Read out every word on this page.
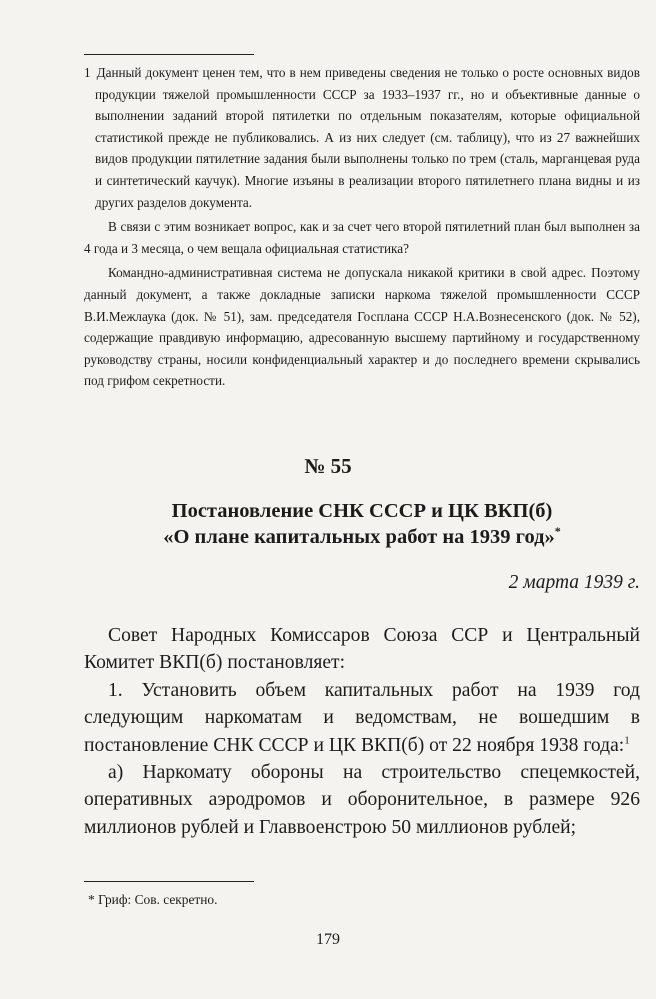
1 Данный документ ценен тем, что в нем приведены сведения не только о росте основных видов продукции тяжелой промышленности СССР за 1933–1937 гг., но и объективные данные о выполнении заданий второй пятилетки по отдельным показателям, которые официальной статистикой прежде не публиковались. А из них следует (см. таблицу), что из 27 важнейших видов продукции пятилетние задания были выполнены только по трем (сталь, марганцевая руда и синтетический каучук). Многие изъяны в реализации второго пятилетнего плана видны и из других разделов документа.

В связи с этим возникает вопрос, как и за счет чего второй пятилетний план был выполнен за 4 года и 3 месяца, о чем вещала официальная статистика?

Командно-административная система не допускала никакой критики в свой адрес. Поэтому данный документ, а также докладные записки наркома тяжелой промышленности СССР В.И.Межлаука (док. № 51), зам. председателя Госплана СССР Н.А.Вознесенского (док. № 52), содержащие правдивую информацию, адресованную высшему партийному и государственному руководству страны, носили конфиденциальный характер и до последнего времени скрывались под грифом секретности.

№ 55
Постановление СНК СССР и ЦК ВКП(б)
«О плане капитальных работ на 1939 год»*
2 марта 1939 г.

Совет Народных Комиссаров Союза ССР и Центральный Комитет ВКП(б) постановляет:

1. Установить объем капитальных работ на 1939 год следующим наркоматам и ведомствам, не вошедшим в постановление СНК СССР и ЦК ВКП(б) от 22 ноября 1938 года:$^1$

а) Наркомату обороны на строительство спецемкостей, оперативных аэродромов и оборонительное, в размере 926 миллионов рублей и Главвоенстрою 50 миллионов рублей;

* Гриф: Сов. секретно.
179
